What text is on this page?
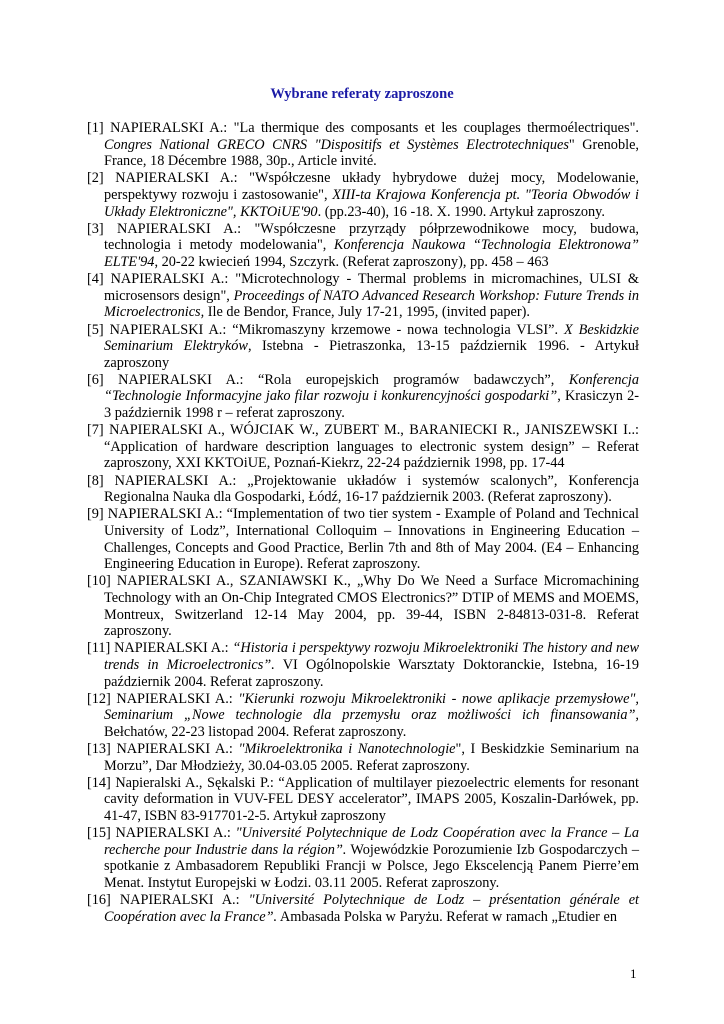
Wybrane referaty zaproszone

[1] NAPIERALSKI A.: "La thermique des composants et les couplages thermoélectriques". Congres National GRECO CNRS "Dispositifs et Systèmes Electrotechniques" Grenoble, France, 18 Décembre 1988, 30p., Article invité.

[2] NAPIERALSKI A.: "Współczesne układy hybrydowe dużej mocy, Modelowanie, perspektywy rozwoju i zastosowanie", XIII-ta Krajowa Konferencja pt. "Teoria Obwodów i Układy Elektroniczne", KKTOiUE'90. (pp.23-40), 16 -18. X. 1990. Artykuł zaproszony.

[3] NAPIERALSKI A.: "Współczesne przyrządy półprzewodnikowe mocy, budowa, technologia i metody modelowania", Konferencja Naukowa “Technologia Elektronowa” ELTE'94, 20-22 kwiecień 1994, Szczyrk. (Referat zaproszony), pp. 458 – 463

[4] NAPIERALSKI A.: "Microtechnology - Thermal problems in micromachines, ULSI & microsensors design", Proceedings of NATO Advanced Research Workshop: Future Trends in Microelectronics, Ile de Bendor, France, July 17-21, 1995, (invited paper).

[5] NAPIERALSKI A.: “Mikromaszyny krzemowe - nowa technologia VLSI”. X Beskidzkie Seminarium Elektryków, Istebna - Pietraszonka, 13-15 październik 1996. - Artykuł zaproszony

[6] NAPIERALSKI A.: “Rola europejskich programów badawczych”, Konferencja “Technologie Informacyjne jako filar rozwoju i konkurencyjności gospodarki”, Krasiczyn 2-3 październik 1998 r – referat zaproszony.

[7] NAPIERALSKI A., WÓJCIAK W., ZUBERT M., BARANIECKI R., JANISZEWSKI I..: “Application of hardware description languages to electronic system design” – Referat zaproszony, XXI KKTOiUE, Poznań-Kiekrz, 22-24 październik 1998, pp. 17-44

[8] NAPIERALSKI A.: „Projektowanie układów i systemów scalonych”, Konferencja Regionalna Nauka dla Gospodarki, Łódź, 16-17 październik 2003. (Referat zaproszony).

[9] NAPIERALSKI A.: “Implementation of two tier system - Example of Poland and Technical University of Lodz”, International Colloquim – Innovations in Engineering Education – Challenges, Concepts and Good Practice, Berlin 7th and 8th of May 2004. (E4 – Enhancing Engineering Education in Europe). Referat zaproszony.

[10] NAPIERALSKI A., SZANIAWSKI K., „Why Do We Need a Surface Micromachining Technology with an On-Chip Integrated CMOS Electronics?” DTIP of MEMS and MOEMS, Montreux, Switzerland 12-14 May 2004, pp. 39-44, ISBN 2-84813-031-8. Referat zaproszony.

[11] NAPIERALSKI A.: “Historia i perspektywy rozwoju Mikroelektroniki The history and new trends in Microelectronics”. VI Ogólnopolskie Warsztaty Doktoranckie, Istebna, 16-19 październik 2004. Referat zaproszony.

[12] NAPIERALSKI A.: "Kierunki rozwoju Mikroelektroniki - nowe aplikacje przemysłowe", Seminarium „Nowe technologie dla przemysłu oraz możliwości ich finansowania”, Bełchatów, 22-23 listopad 2004. Referat zaproszony.

[13] NAPIERALSKI A.: "Mikroelektronika i Nanotechnologie", I Beskidzkie Seminarium na Morzu”, Dar Młodzieży, 30.04-03.05 2005. Referat zaproszony.

[14] Napieralski A., Sękalski P.: “Application of multilayer piezoelectric elements for resonant cavity deformation in VUV-FEL DESY accelerator”, IMAPS 2005, Koszalin-Darłówek, pp. 41-47, ISBN 83-917701-2-5. Artykuł zaproszony

[15] NAPIERALSKI A.: "Université Polytechnique de Lodz Coopération avec la France – La recherche pour Industrie dans la région”. Wojewódzkie Porozumienie Izb Gospodarczych – spotkanie z Ambasadorem Republiki Francji w Polsce, Jego Ekscelencją Panem Pierre’em Menat. Instytut Europejski w Łodzi. 03.11 2005. Referat zaproszony.

[16] NAPIERALSKI A.: "Université Polytechnique de Lodz – présentation générale et Coopération avec la France”. Ambasada Polska w Paryżu. Referat w ramach „Etudier en

1
